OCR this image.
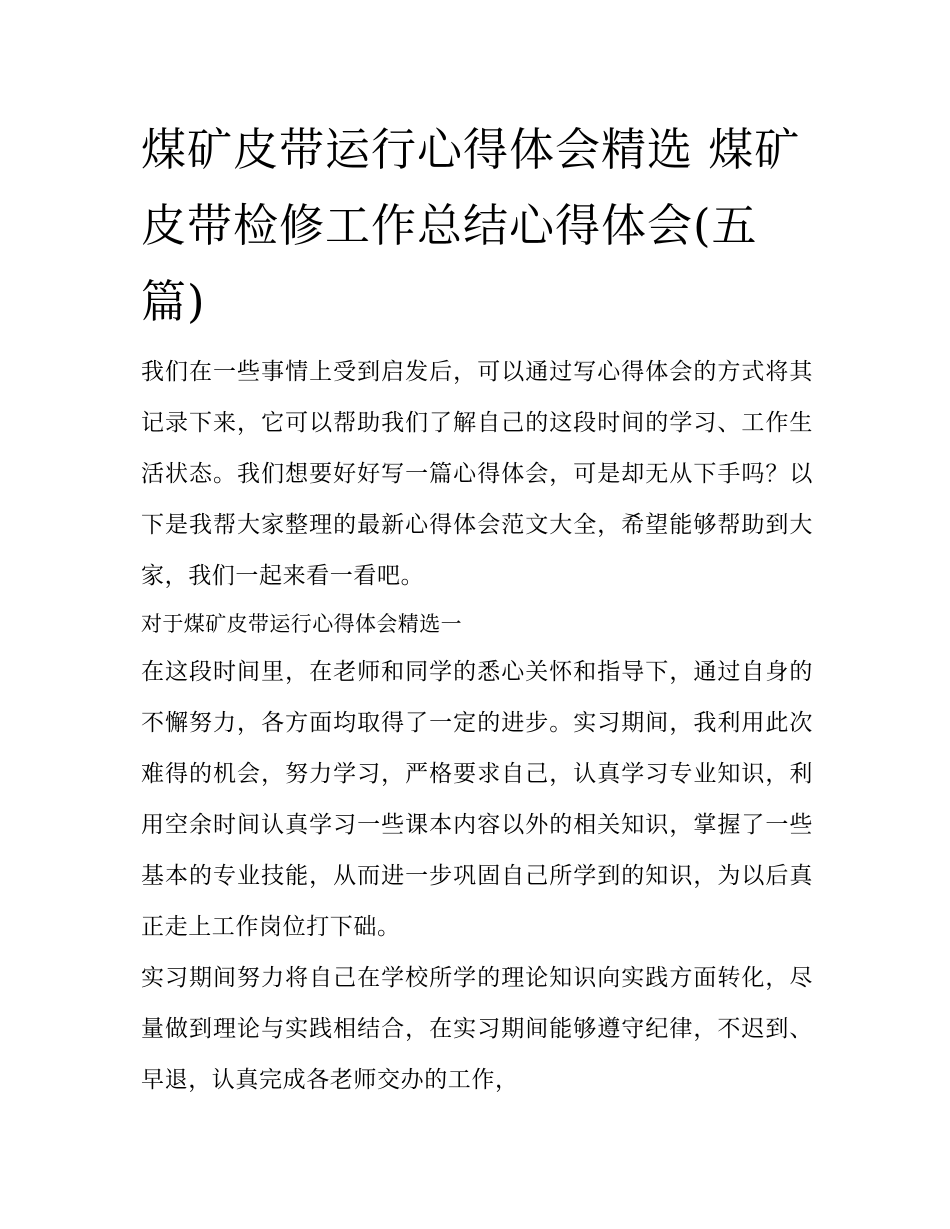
煤矿皮带运行心得体会精选 煤矿皮带检修工作总结心得体会(五篇)

我们在一些事情上受到启发后，可以通过写心得体会的方式将其记录下来，它可以帮助我们了解自己的这段时间的学习、工作生活状态。我们想要好好写一篇心得体会，可是却无从下手吗？以下是我帮大家整理的最新心得体会范文大全，希望能够帮助到大家，我们一起来看一看吧。

对于煤矿皮带运行心得体会精选一

在这段时间里，在老师和同学的悉心关怀和指导下，通过自身的不懈努力，各方面均取得了一定的进步。实习期间，我利用此次难得的机会，努力学习，严格要求自己，认真学习专业知识，利用空余时间认真学习一些课本内容以外的相关知识，掌握了一些基本的专业技能，从而进一步巩固自己所学到的知识，为以后真正走上工作岗位打下础。

实习期间努力将自己在学校所学的理论知识向实践方面转化，尽量做到理论与实践相结合，在实习期间能够遵守纪律，不迟到、早退，认真完成各老师交办的工作，
